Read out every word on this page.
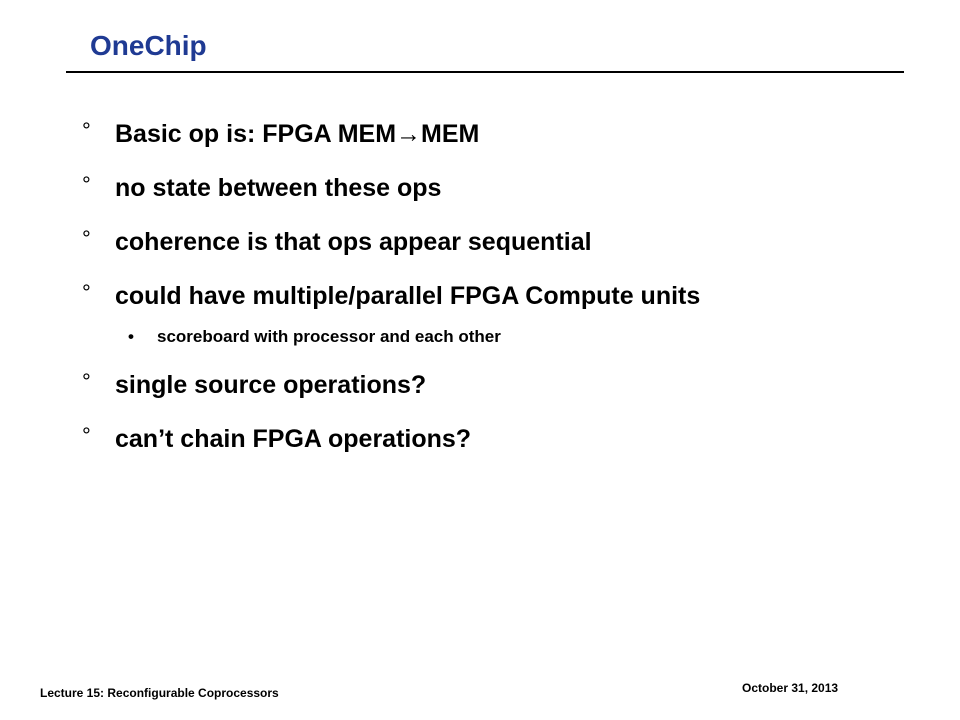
OneChip
° Basic op is: FPGA MEM→MEM
° no state between these ops
° coherence is that ops appear sequential
° could have multiple/parallel FPGA Compute units
• scoreboard with processor and each other
° single source operations?
° can’t chain FPGA operations?
Lecture 15: Reconfigurable Coprocessors	October 31, 2013
